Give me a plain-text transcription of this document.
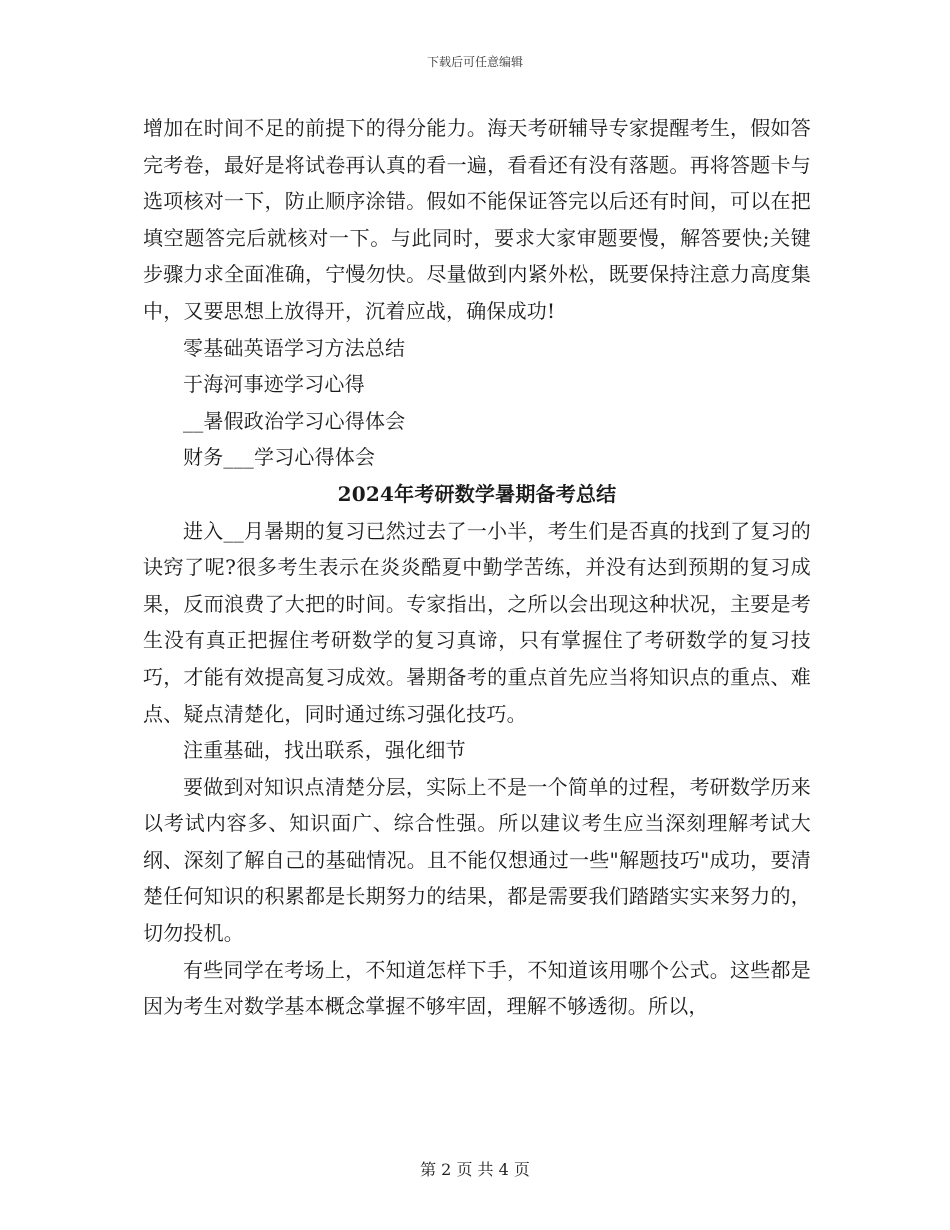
下载后可任意编辑

增加在时间不足的前提下的得分能力。海天考研辅导专家提醒考生，假如答完考卷，最好是将试卷再认真的看一遍，看看还有没有落题。再将答题卡与选项核对一下，防止顺序涂错。假如不能保证答完以后还有时间，可以在把填空题答完后就核对一下。与此同时，要求大家审题要慢，解答要快;关键步骤力求全面准确，宁慢勿快。尽量做到内紧外松，既要保持注意力高度集中，又要思想上放得开，沉着应战，确保成功!

零基础英语学习方法总结

于海河事迹学习心得

__暑假政治学习心得体会

财务___学习心得体会

2024年考研数学暑期备考总结

进入__月暑期的复习已然过去了一小半，考生们是否真的找到了复习的诀窍了呢?很多考生表示在炎炎酷夏中勤学苦练，并没有达到预期的复习成果，反而浪费了大把的时间。专家指出，之所以会出现这种状况，主要是考生没有真正把握住考研数学的复习真谛，只有掌握住了考研数学的复习技巧，才能有效提高复习成效。暑期备考的重点首先应当将知识点的重点、难点、疑点清楚化，同时通过练习强化技巧。

注重基础，找出联系，强化细节

要做到对知识点清楚分层，实际上不是一个简单的过程，考研数学历来以考试内容多、知识面广、综合性强。所以建议考生应当深刻理解考试大纲、深刻了解自己的基础情况。且不能仅想通过一些"解题技巧"成功，要清楚任何知识的积累都是长期努力的结果，都是需要我们踏踏实实来努力的，切勿投机。

有些同学在考场上，不知道怎样下手，不知道该用哪个公式。这些都是因为考生对数学基本概念掌握不够牢固，理解不够透彻。所以，

第 2 页 共 4 页
